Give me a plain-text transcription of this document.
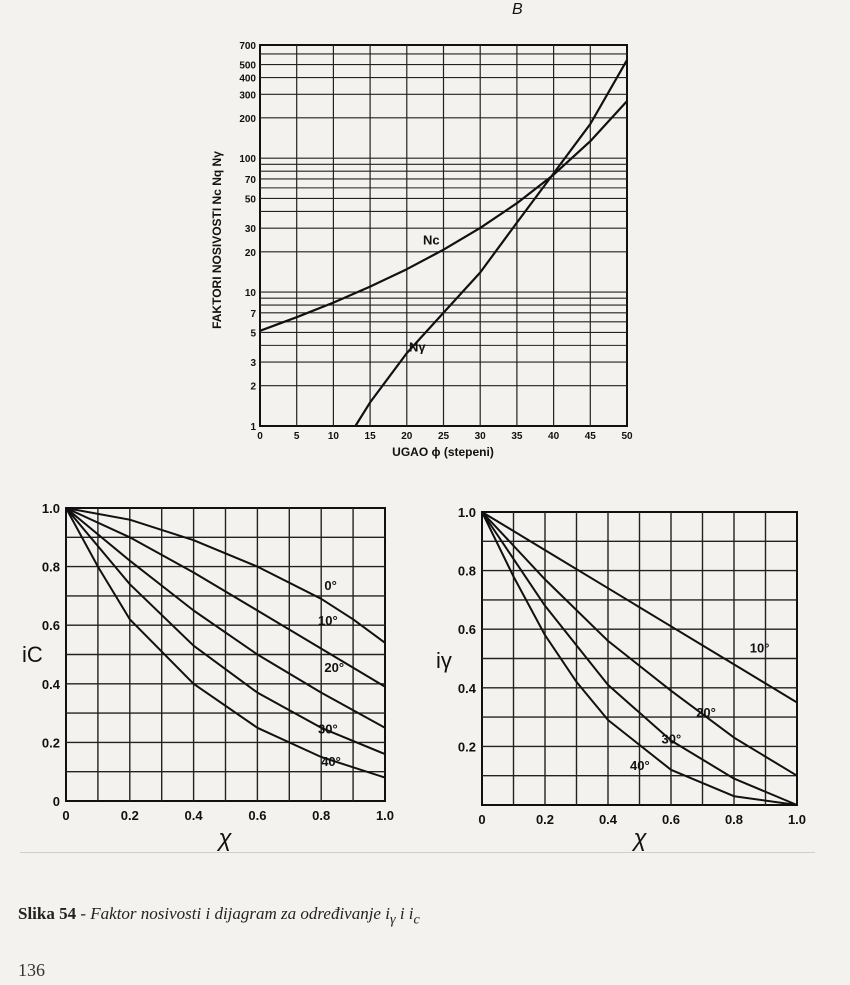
B
0	5	10	15	20	25	30	35	40	45	50
1
2
3
5
7
10
20
30
50
70
100
200
300
400
500
700
Nc
Nγ
UGAO ϕ (stepeni)
FAKTORI NOSIVOSTI Nc Nq Nγ
0	0.2	0.4	0.6	0.8	1.0
0
0.2
0.4
0.6
0.8
1.0
0°
10°
20°
30°
40°
χ
iC
0	0.2	0.4	0.6	0.8	1.0
0.2
0.4
0.6
0.8
1.0
10°
20°
30°
40°
χ
iγ
Slika 54 - Faktor nosivosti i dijagram za određivanje $i_\gamma$ i $i_c$
136
